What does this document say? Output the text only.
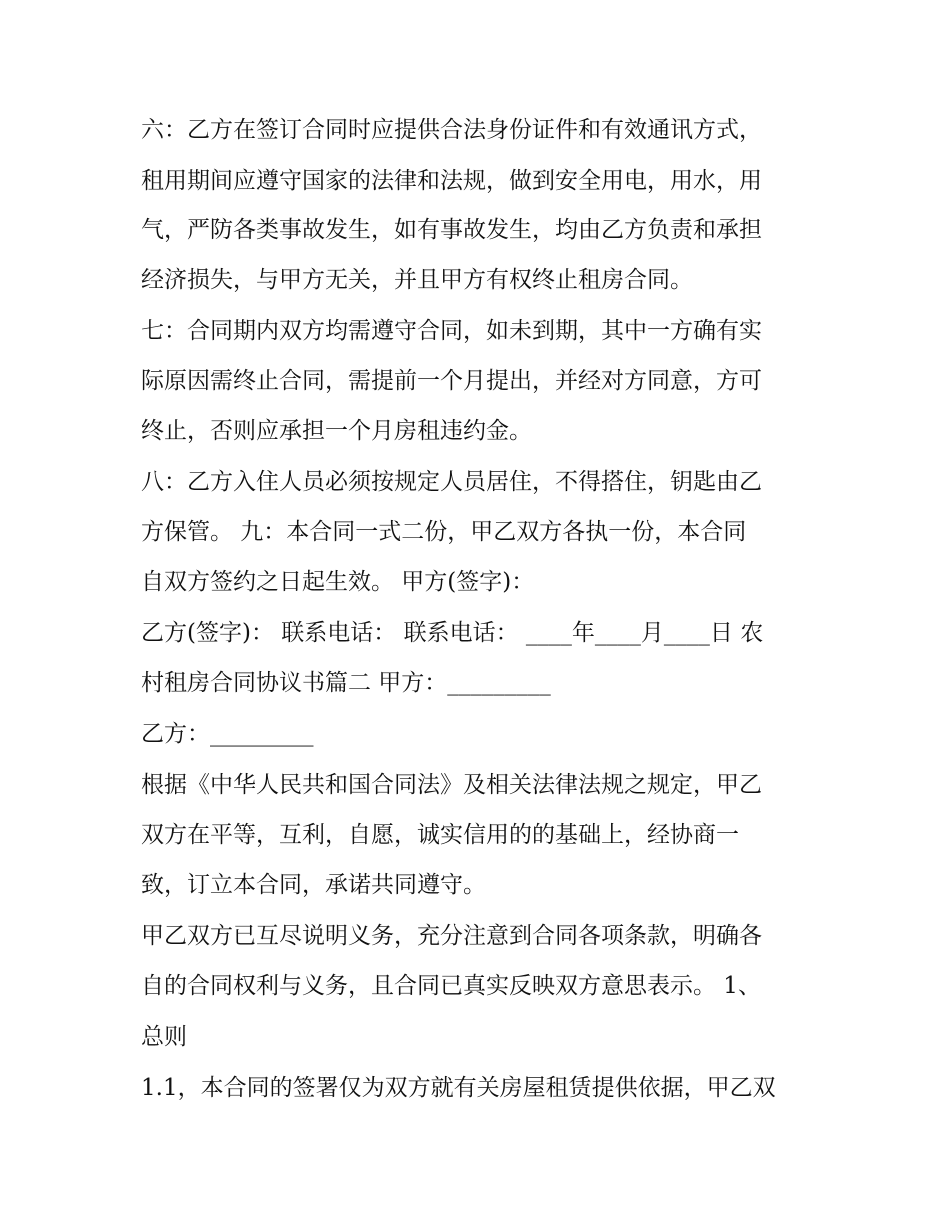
六：乙方在签订合同时应提供合法身份证件和有效通讯方式，
租用期间应遵守国家的法律和法规，做到安全用电，用水，用
气，严防各类事故发生，如有事故发生，均由乙方负责和承担
经济损失，与甲方无关，并且甲方有权终止租房合同。
七：合同期内双方均需遵守合同，如未到期，其中一方确有实
际原因需终止合同，需提前一个月提出，并经对方同意，方可
终止，否则应承担一个月房租违约金。
八：乙方入住人员必须按规定人员居住，不得搭住，钥匙由乙
方保管。 九：本合同一式二份，甲乙双方各执一份，本合同
自双方签约之日起生效。 甲方(签字)：
乙方(签字)： 联系电话： 联系电话： ____年____月____日 农
村租房合同协议书篇二 甲方：_________
乙方：_________
根据《中华人民共和国合同法》及相关法律法规之规定，甲乙
双方在平等，互利，自愿，诚实信用的的基础上，经协商一
致，订立本合同，承诺共同遵守。
甲乙双方已互尽说明义务，充分注意到合同各项条款，明确各
自的合同权利与义务，且合同已真实反映双方意思表示。 1、
总则
1.1，本合同的签署仅为双方就有关房屋租赁提供依据，甲乙双
